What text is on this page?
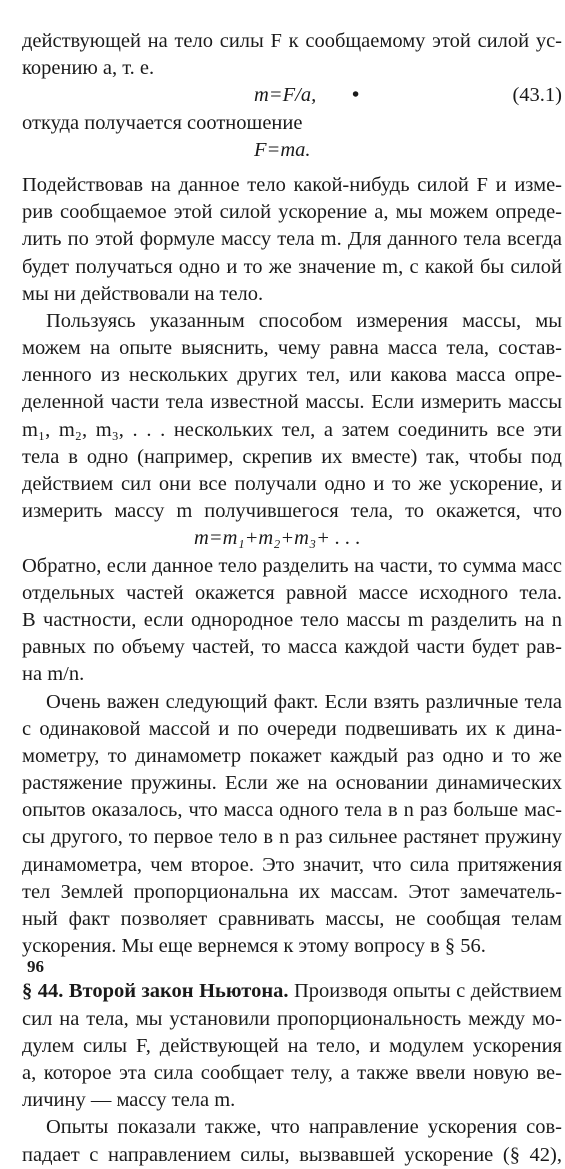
действующей на тело силы F к сообщаемому этой силой ус-
корению a, т. е.
m=F/a, •	(43.1)
откуда получается соотношение
F=ma.
Подействовав на данное тело какой-нибудь силой F и изме-
рив сообщаемое этой силой ускорение a, мы можем опреде-
лить по этой формуле массу тела m. Для данного тела всегда
будет получаться одно и то же значение m, с какой бы силой
мы ни действовали на тело.
Пользуясь указанным способом измерения массы, мы
можем на опыте выяснить, чему равна масса тела, состав-
ленного из нескольких других тел, или какова масса опре-
деленной части тела известной массы. Если измерить массы
m₁, m₂, m₃, . . . нескольких тел, а затем соединить все эти
тела в одно (например, скрепив их вместе) так, чтобы под
действием сил они все получали одно и то же ускорение, и
измерить массу m получившегося тела, то окажется, что
m=m₁+m₂+m₃+ . . .
Обратно, если данное тело разделить на части, то сумма масс
отдельных частей окажется равной массе исходного тела.
В частности, если однородное тело массы m разделить на n
равных по объему частей, то масса каждой части будет рав-
на m/n.
Очень важен следующий факт. Если взять различные тела
с одинаковой массой и по очереди подвешивать их к дина-
мометру, то динамометр покажет каждый раз одно и то же
растяжение пружины. Если же на основании динамических
опытов оказалось, что масса одного тела в n раз больше мас-
сы другого, то первое тело в n раз сильнее растянет пружину
динамометра, чем второе. Это значит, что сила притяжения
тел Землей пропорциональна их массам. Этот замечатель-
ный факт позволяет сравнивать массы, не сообщая телам
ускорения. Мы еще вернемся к этому вопросу в § 56.
§ 44. Второй закон Ньютона. Производя опыты с действием
сил на тела, мы установили пропорциональность между мо-
дулем силы F, действующей на тело, и модулем ускорения
a, которое эта сила сообщает телу, а также ввели новую ве-
личину — массу тела m.
Опыты показали также, что направление ускорения сов-
падает с направлением силы, вызвавшей ускорение (§ 42),
96
